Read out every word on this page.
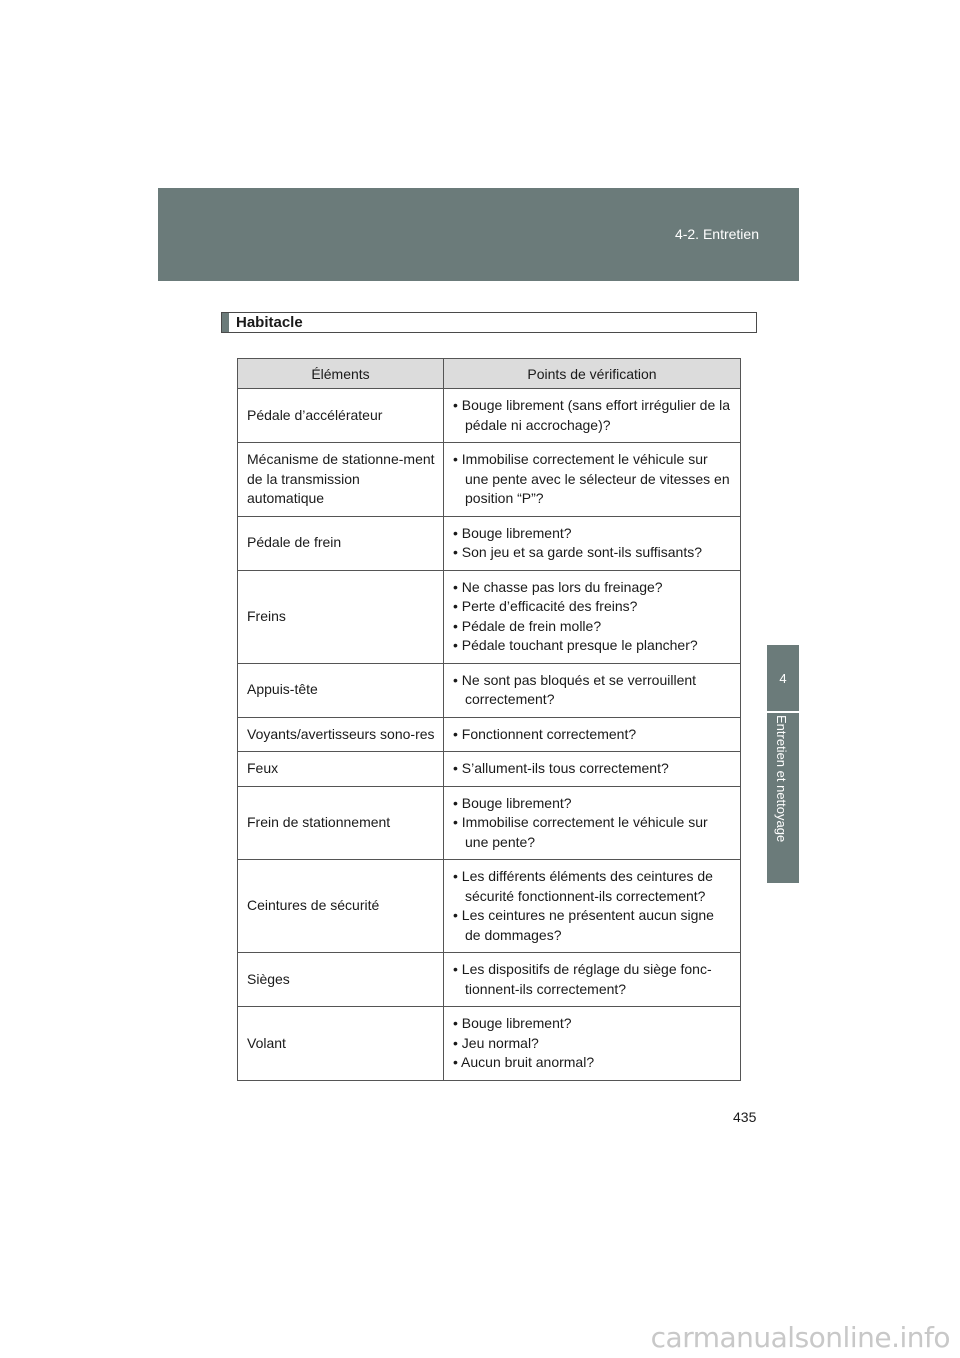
4-2. Entretien
4
Entretien et nettoyage
Habitacle
Éléments	Points de vérification
Pédale d’accélérateur	• Bouge librement (sans effort irrégulier de la pédale ni accrochage)?

Mécanisme de stationne-ment de la transmission automatique	• Immobilise correctement le véhicule sur une pente avec le sélecteur de vitesses en position “P”?

Pédale de frein	• Bouge librement?
• Son jeu et sa garde sont-ils suffisants?

Freins	• Ne chasse pas lors du freinage?
• Perte d’efficacité des freins?
• Pédale de frein molle?
• Pédale touchant presque le plancher?

Appuis-tête	• Ne sont pas bloqués et se verrouillent correctement?

Voyants/avertisseurs sono-res	• Fonctionnent correctement?

Feux	• S’allument-ils tous correctement?

Frein de stationnement	• Bouge librement?
• Immobilise correctement le véhicule sur une pente?

Ceintures de sécurité	• Les différents éléments des ceintures de sécurité fonctionnent-ils correctement?
• Les ceintures ne présentent aucun signe de dommages?

Sièges	• Les dispositifs de réglage du siège fonc-tionnent-ils correctement?

Volant	• Bouge librement?
• Jeu normal?
• Aucun bruit anormal?
435
carmanualsonline.info
